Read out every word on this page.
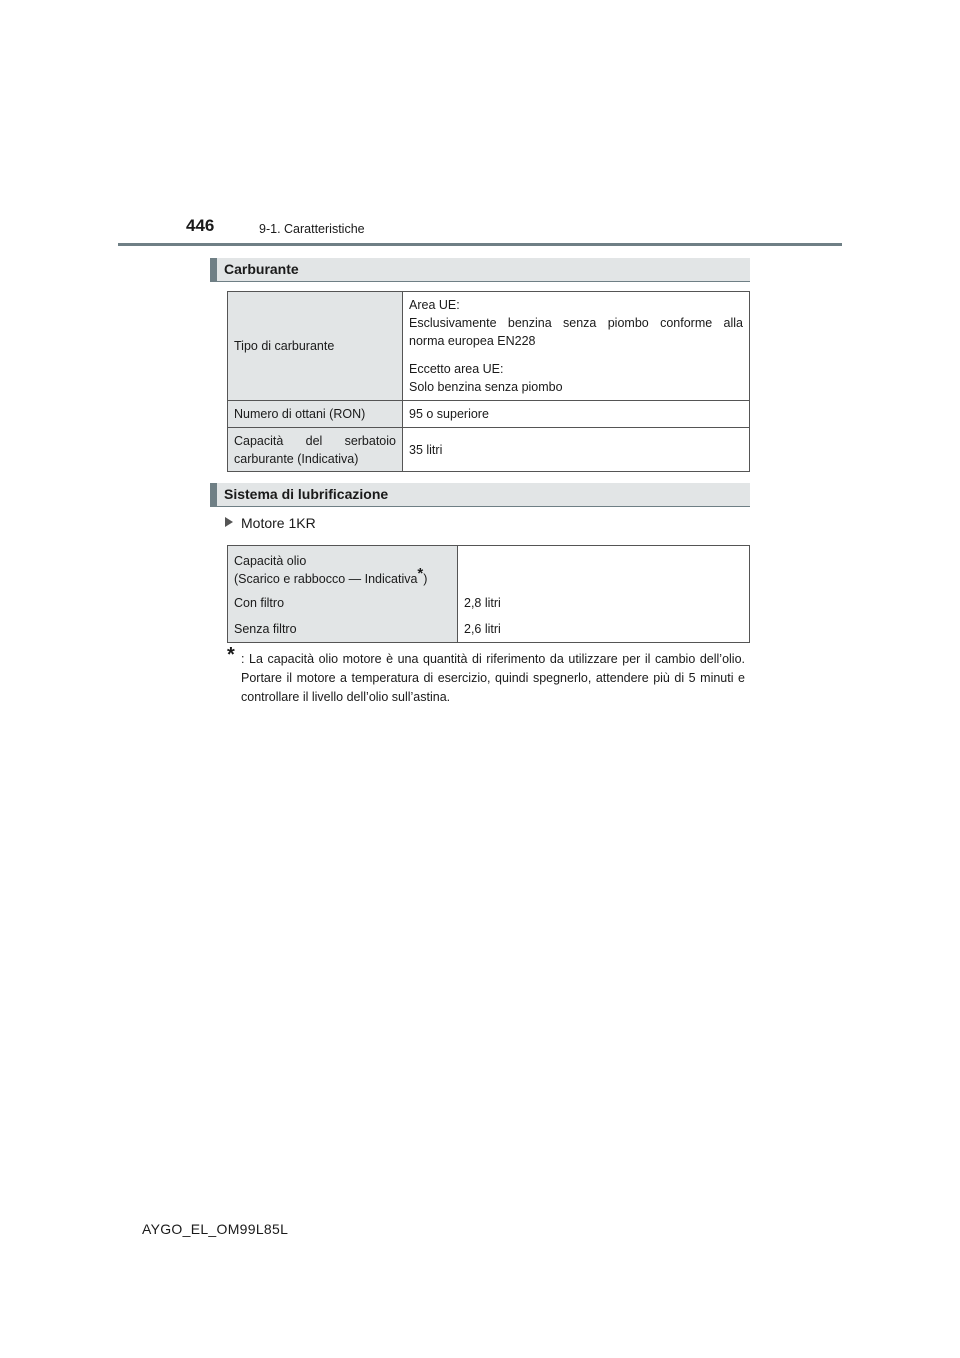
446	9-1. Caratteristiche
Carburante
Tipo di carburante	Area UE:
Esclusivamente benzina senza piombo conforme alla
norma europea EN228
Eccetto area UE:
Solo benzina senza piombo

Numero di ottani (RON)	95 o superiore

Capacità del serbatoio
carburante (Indicativa)	35 litri
Sistema di lubrificazione
Motore 1KR
Capacità olio
(Scarico e rabbocco — Indicativa*)	

Con filtro	2,8 litri
Senza filtro	2,6 litri
* : La capacità olio motore è una quantità di riferimento da utilizzare per il cambio dell’olio. Portare il motore a temperatura di esercizio, quindi spegnerlo, attendere più di 5 minuti e controllare il livello dell’olio sull’astina.
AYGO_EL_OM99L85L
